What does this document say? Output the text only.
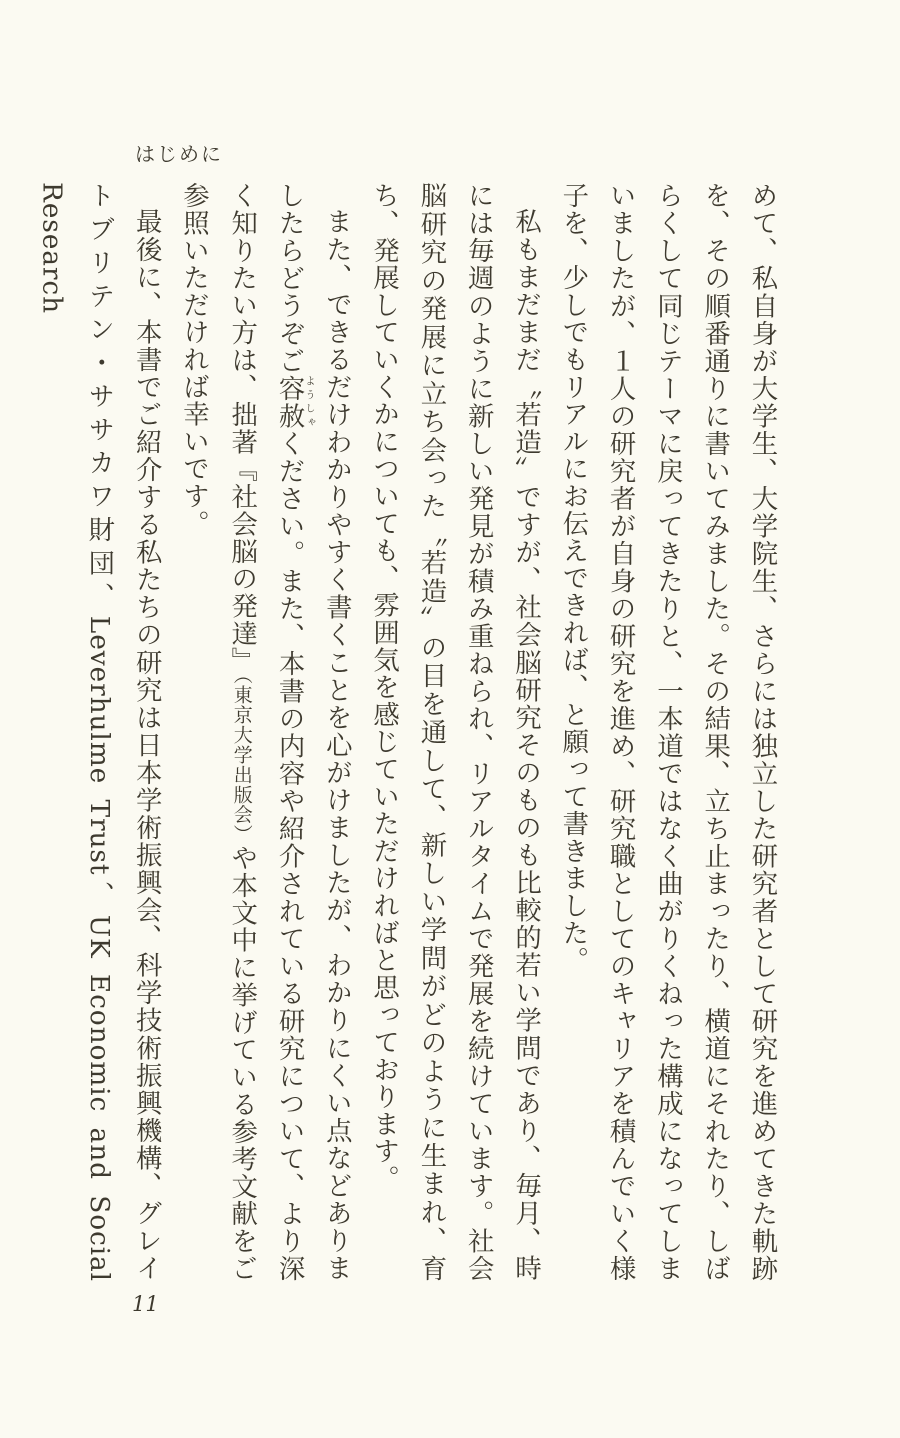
はじめに

めて、私自身が大学生、大学院生、さらには独立した研究者として研究を進めてきた軌跡を、その順番通りに書いてみました。その結果、立ち止まったり、横道にそれたり、しばらくして同じテーマに戻ってきたりと、一本道ではなく曲がりくねった構成になってしまいましたが、１人の研究者が自身の研究を進め、研究職としてのキャリアを積んでいく様子を、少しでもリアルにお伝えできれば、と願って書きました。

私もまだまだ〝若造〟ですが、社会脳研究そのものも比較的若い学問であり、毎月、時には毎週のように新しい発見が積み重ねられ、リアルタイムで発展を続けています。社会脳研究の発展に立ち会った〝若造〟の目を通して、新しい学問がどのように生まれ、育ち、発展していくかについても、雰囲気を感じていただければと思っております。

また、できるだけわかりやすく書くことを心がけましたが、わかりにくい点などありましたらどうぞご容赦ようしゃください。また、本書の内容や紹介されている研究について、より深く知りたい方は、拙著『社会脳の発達』（東京大学出版会）や本文中に挙げている参考文献をご参照いただければ幸いです。

最後に、本書でご紹介する私たちの研究は日本学術振興会、科学技術振興機構、グレイトブリテン・ササカワ財団、Leverhulme Trust、UK Economic and Social Research

11
